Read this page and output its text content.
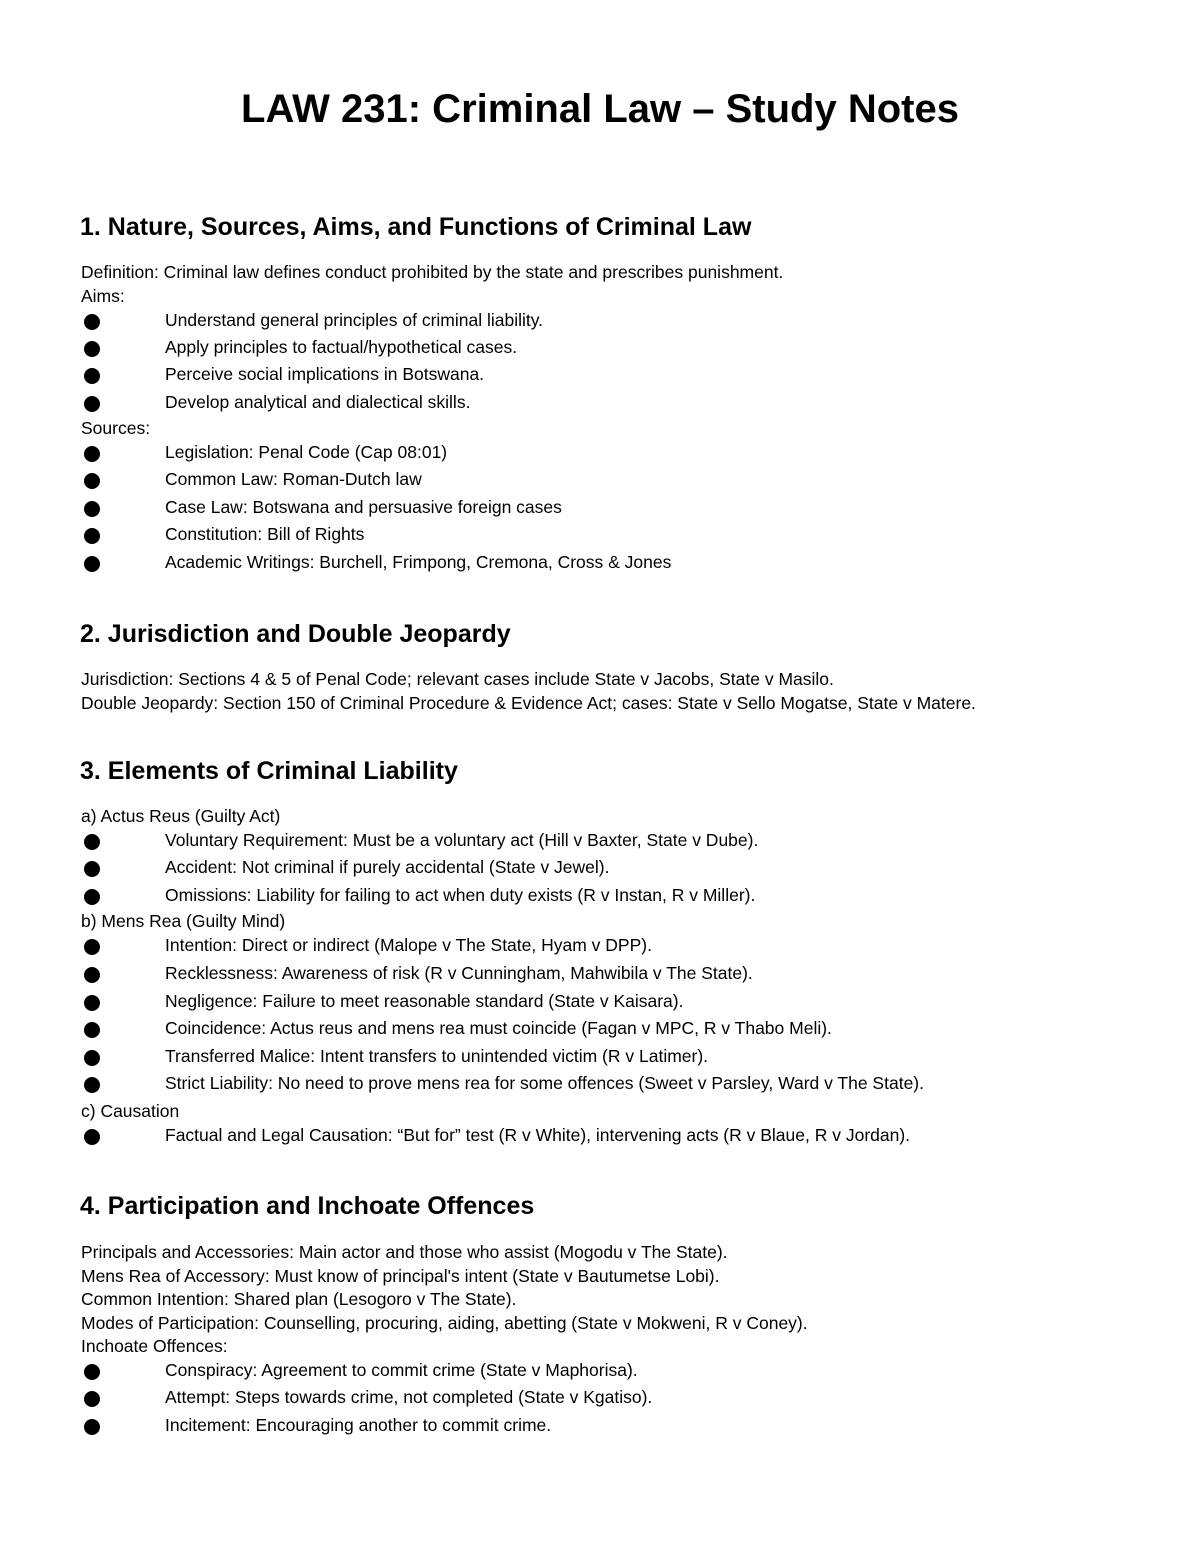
LAW 231: Criminal Law – Study Notes
1. Nature, Sources, Aims, and Functions of Criminal Law

Definition: Criminal law defines conduct prohibited by the state and prescribes punishment.

Aims:

Understand general principles of criminal liability.
Apply principles to factual/hypothetical cases.
Perceive social implications in Botswana.
Develop analytical and dialectical skills.

Sources:

Legislation: Penal Code (Cap 08:01)
Common Law: Roman-Dutch law
Case Law: Botswana and persuasive foreign cases
Constitution: Bill of Rights
Academic Writings: Burchell, Frimpong, Cremona, Cross & Jones
2. Jurisdiction and Double Jeopardy

Jurisdiction: Sections 4 & 5 of Penal Code; relevant cases include State v Jacobs, State v Masilo.

Double Jeopardy: Section 150 of Criminal Procedure & Evidence Act; cases: State v Sello Mogatse, State v Matere.

3. Elements of Criminal Liability

a) Actus Reus (Guilty Act)

Voluntary Requirement: Must be a voluntary act (Hill v Baxter, State v Dube).
Accident: Not criminal if purely accidental (State v Jewel).
Omissions: Liability for failing to act when duty exists (R v Instan, R v Miller).

b) Mens Rea (Guilty Mind)

Intention: Direct or indirect (Malope v The State, Hyam v DPP).
Recklessness: Awareness of risk (R v Cunningham, Mahwibila v The State).
Negligence: Failure to meet reasonable standard (State v Kaisara).
Coincidence: Actus reus and mens rea must coincide (Fagan v MPC, R v Thabo Meli).
Transferred Malice: Intent transfers to unintended victim (R v Latimer).
Strict Liability: No need to prove mens rea for some offences (Sweet v Parsley, Ward v The State).

c) Causation

Factual and Legal Causation: “But for” test (R v White), intervening acts (R v Blaue, R v Jordan).
4. Participation and Inchoate Offences

Principals and Accessories: Main actor and those who assist (Mogodu v The State).

Mens Rea of Accessory: Must know of principal's intent (State v Bautumetse Lobi).

Common Intention: Shared plan (Lesogoro v The State).

Modes of Participation: Counselling, procuring, aiding, abetting (State v Mokweni, R v Coney).

Inchoate Offences:

Conspiracy: Agreement to commit crime (State v Maphorisa).
Attempt: Steps towards crime, not completed (State v Kgatiso).
Incitement: Encouraging another to commit crime.
